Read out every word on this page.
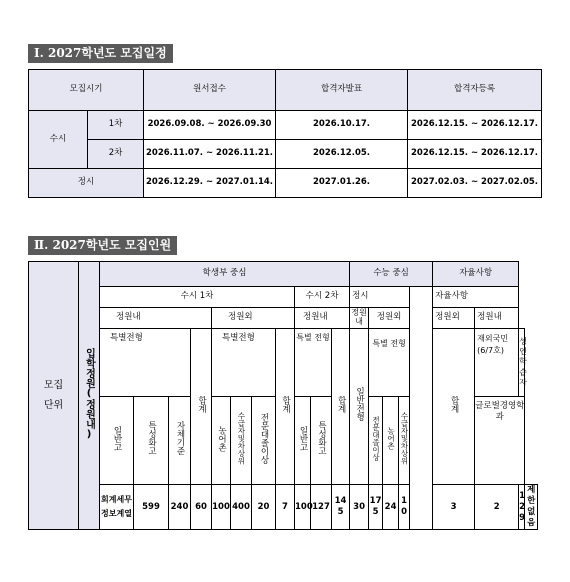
Ⅰ. 2027학년도 모집일정
모집시기		원서접수	합격자발표	합격자등록
수시	1차	2026.09.08. ~ 2026.09.30	2026.10.17.	2026.12.15. ~ 2026.12.17.
	2차	2026.11.07. ~ 2026.11.21.	2026.12.05.	2026.12.15. ~ 2026.12.17.
정시		2026.12.29. ~ 2027.01.14.	2027.01.26.	2027.02.03. ~ 2027.02.05.
Ⅱ. 2027학년도 모집인원
모집 단위	입학정원(정원내)	학생부 중심											수능 중심					자율사항			
		수시 1차								수시 2차			정시					자율사항			
		정원내				정원외				정원내			정원내	정원외				정원외	정원내		
		특별전형			합계	특별전형			합계	특별 전형		합계	일반전형	특별 전형				합계	재외국민 (6/7호)	성인학습자	
		일반고	특성화고	자체기준		농어촌	수급자및차상위	전문대졸이상		일반고	특성화고			전문대졸이상	농어촌	수급자및차상위			글로벌경영학과		
		회계세무 정보계열	599	240	60	100	400	20	7	100	127	145	30	175	24	10		3	2	129	제한없음
